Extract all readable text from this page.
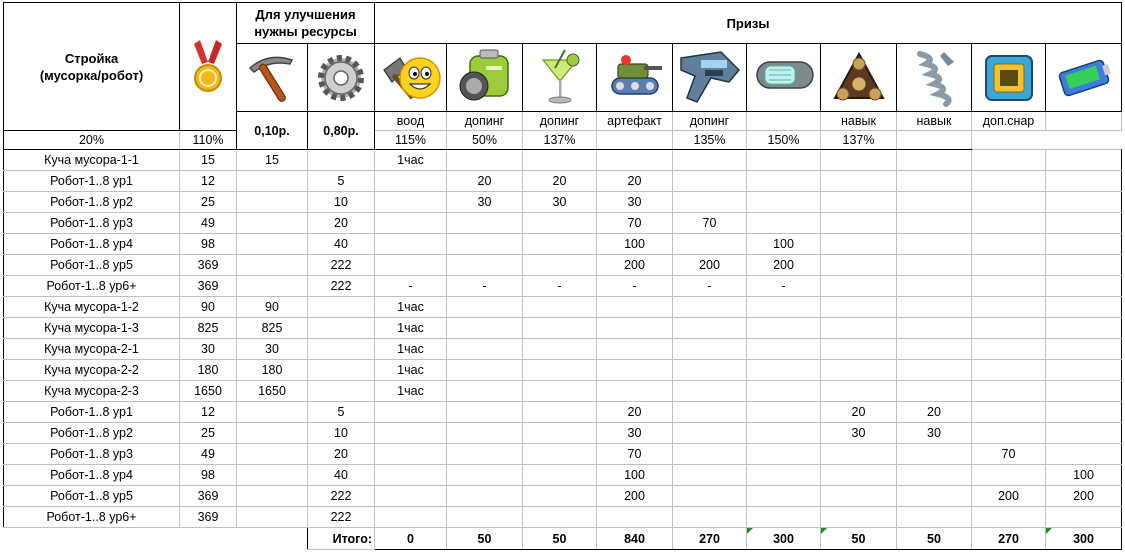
Стройка
(мусорка/робот)		Для улучшения нужны ресурсы		Призы									

		0,10р.	0,80р.	воод	допинг	допинг	артефакт	допинг		навык	навык	доп.снар	
20%	110%			115%	50%	137%		135%	150%	137%			
Куча мусора-1-1	15	15		1час									
Робот-1..8 ур1	12		5		20	20	20						
Робот-1..8 ур2	25		10		30	30	30						
Робот-1..8 ур3	49		20				70	70					
Робот-1..8 ур4	98		40				100		100				
Робот-1..8 ур5	369		222				200	200	200				
Робот-1..8 ур6+	369		222	-	-	-	-	-	-				
Куча мусора-1-2	90	90		1час									
Куча мусора-1-3	825	825		1час									
Куча мусора-2-1	30	30		1час									
Куча мусора-2-2	180	180		1час									
Куча мусора-2-3	1650	1650		1час									
Робот-1..8 ур1	12		5				20			20	20		
Робот-1..8 ур2	25		10				30			30	30		
Робот-1..8 ур3	49		20				70					70	
Робот-1..8 ур4	98		40				100						100
Робот-1..8 ур5	369		222				200					200	200
Робот-1..8 ур6+	369		222										
			Итого:	0	50	50	840	270	300	50	50	270	300
